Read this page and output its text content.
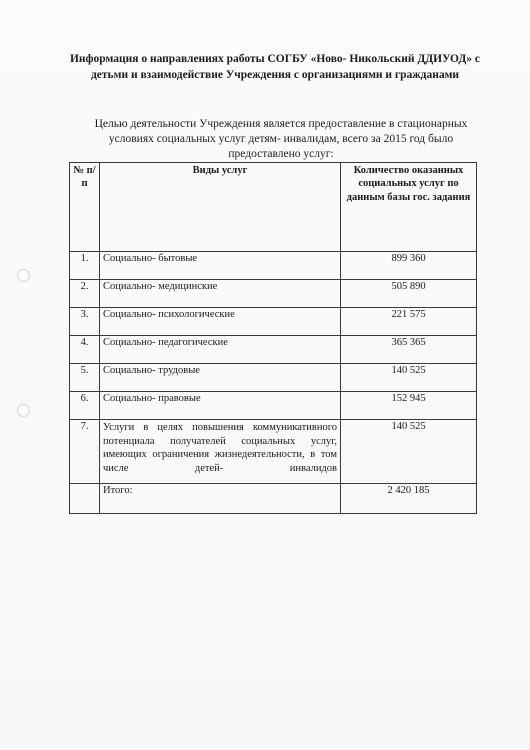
Информация о направлениях работы СОГБУ «Ново- Никольский ДДИУОД» с детьми и взаимодействие Учреждения с организациями и гражданами
Целью деятельности Учреждения является предоставление в стационарных условиях социальных услуг детям- инвалидам, всего за 2015 год было предоставлено услуг:
№ п/п	Виды услуг	Количество оказанных социальных услуг по данным базы гос. задания
1.	Социально- бытовые	899 360
2.	Социально- медицинские	505 890
3.	Социально- психологические	221 575
4.	Социально- педагогические	365 365
5.	Социально- трудовые	140 525
6.	Социально- правовые	152 945
7.	Услуги в целях повышения коммуникативного потенциала получателей социальных услуг, имеющих ограничения жизнедеятельности, в том числе детей- инвалидов	140 525
	Итого:	2 420 185
